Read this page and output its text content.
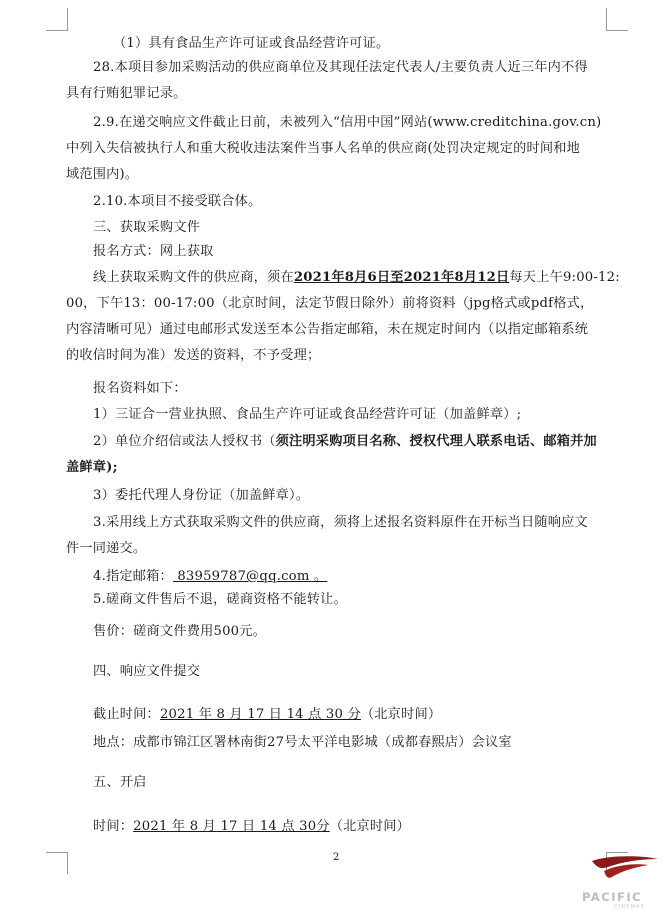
（1）具有食品生产许可证或食品经营许可证。
28.本项目参加采购活动的供应商单位及其现任法定代表人/主要负责人近三年内不得
具有行贿犯罪记录。
2.9.在递交响应文件截止日前，未被列入“信用中国”网站(www.creditchina.gov.cn)
中列入失信被执行人和重大税收违法案件当事人名单的供应商(处罚决定规定的时间和地
域范围内)。
2.10.本项目不接受联合体。
三、获取采购文件
报名方式：网上获取
线上获取采购文件的供应商，须在2021年8月6日至2021年8月12日每天上午9:00-12:
00，下午13：00-17:00（北京时间，法定节假日除外）前将资料（jpg格式或pdf格式，
内容清晰可见）通过电邮形式发送至本公告指定邮箱，未在规定时间内（以指定邮箱系统
的收信时间为准）发送的资料，不予受理；
报名资料如下：
1）三证合一营业执照、食品生产许可证或食品经营许可证（加盖鲜章）;
2）单位介绍信或法人授权书（须注明采购项目名称、授权代理人联系电话、邮箱并加
盖鲜章);
3）委托代理人身份证（加盖鲜章）。
3.采用线上方式获取采购文件的供应商，须将上述报名资料原件在开标当日随响应文
件一同递交。
4.指定邮箱： 83959787@qq.com 。
5.磋商文件售后不退，磋商资格不能转让。
售价：磋商文件费用500元。
四、响应文件提交
截止时间：2021 年 8 月 17 日 14 点 30 分（北京时间）
地点：成都市锦江区署林南街27号太平洋电影城（成都春熙店）会议室
五、开启
时间：2021 年 8 月 17 日 14 点 30分（北京时间）
2
PACIFIC
CINEMAS
